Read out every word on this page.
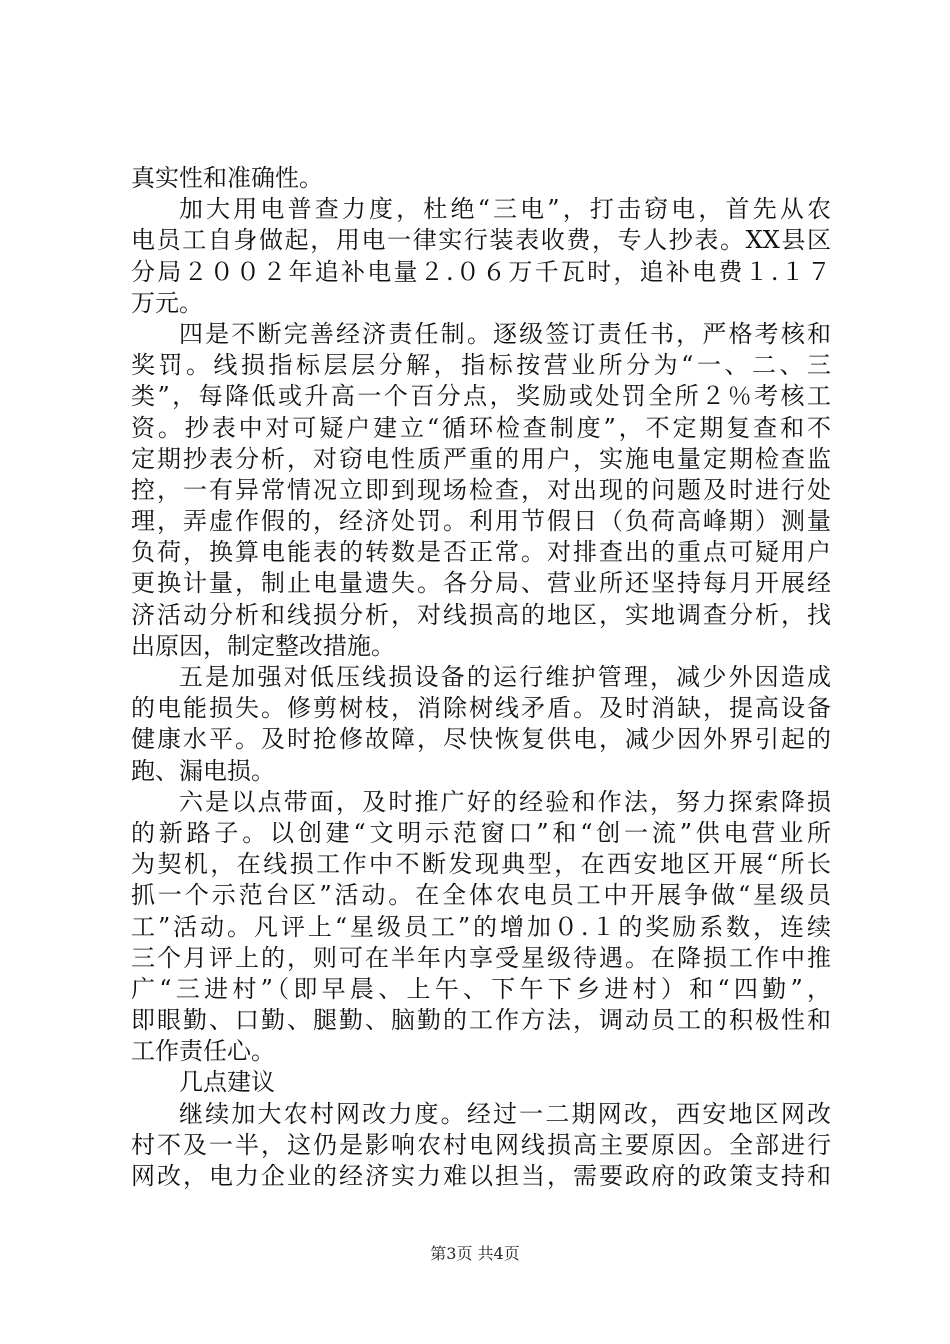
真实性和准确性。
加大用电普查力度，杜绝“三电”，打击窃电，首先从农
电员工自身做起，用电一律实行装表收费，专人抄表。XX县区
分局２００２年追补电量２.０６万千瓦时，追补电费１.１７
万元。
四是不断完善经济责任制。逐级签订责任书，严格考核和
奖罚。线损指标层层分解，指标按营业所分为“一、二、三
类”，每降低或升高一个百分点，奖励或处罚全所２％考核工
资。抄表中对可疑户建立“循环检查制度”，不定期复查和不
定期抄表分析，对窃电性质严重的用户，实施电量定期检查监
控，一有异常情况立即到现场检查，对出现的问题及时进行处
理，弄虚作假的，经济处罚。利用节假日（负荷高峰期）测量
负荷，换算电能表的转数是否正常。对排查出的重点可疑用户
更换计量，制止电量遗失。各分局、营业所还坚持每月开展经
济活动分析和线损分析，对线损高的地区，实地调查分析，找
出原因，制定整改措施。
五是加强对低压线损设备的运行维护管理，减少外因造成
的电能损失。修剪树枝，消除树线矛盾。及时消缺，提高设备
健康水平。及时抢修故障，尽快恢复供电，减少因外界引起的
跑、漏电损。
六是以点带面，及时推广好的经验和作法，努力探索降损
的新路子。以创建“文明示范窗口”和“创一流”供电营业所
为契机，在线损工作中不断发现典型，在西安地区开展“所长
抓一个示范台区”活动。在全体农电员工中开展争做“星级员
工”活动。凡评上“星级员工”的增加０.１的奖励系数，连续
三个月评上的，则可在半年内享受星级待遇。在降损工作中推
广“三进村”（即早晨、上午、下午下乡进村）和“四勤”，
即眼勤、口勤、腿勤、脑勤的工作方法，调动员工的积极性和
工作责任心。
几点建议
继续加大农村网改力度。经过一二期网改，西安地区网改
村不及一半，这仍是影响农村电网线损高主要原因。全部进行
网改，电力企业的经济实力难以担当，需要政府的政策支持和
第3页 共4页
